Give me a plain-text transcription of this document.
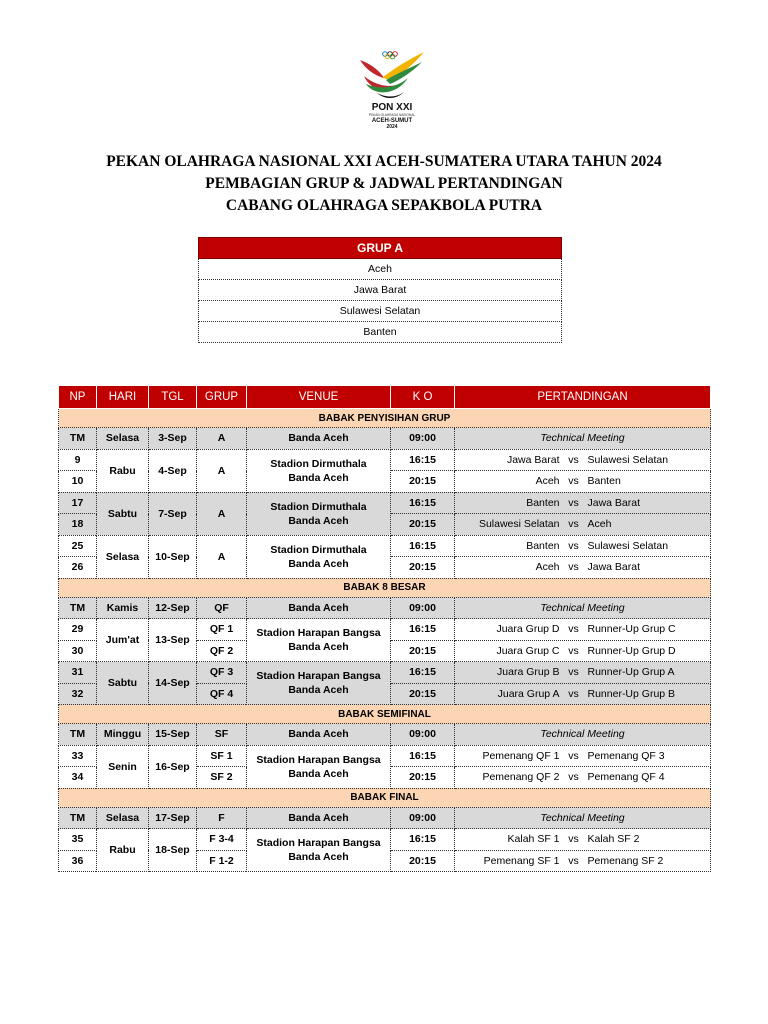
PON XXI
PEKAN OLAHRAGA NASIONAL
ACEH-SUMUT
2024
PEKAN OLAHRAGA NASIONAL XXI ACEH-SUMATERA UTARA TAHUN 2024
PEMBAGIAN GRUP & JADWAL PERTANDINGAN
CABANG OLAHRAGA SEPAKBOLA PUTRA
GRUP A
Aceh
Jawa Barat
Sulawesi Selatan
Banten
NP	HARI	TGL	GRUP	VENUE	K O	PERTANDINGAN
BABAK PENYISIHAN GRUP						
TM	Selasa	3-Sep	A	Banda Aceh	09:00	Technical Meeting
9	Rabu	4-Sep	A	Stadion Dirmuthala
Banda Aceh	16:15	Jawa Barat vs Sulawesi Selatan
10					20:15	Aceh vs Banten
17	Sabtu	7-Sep	A	Stadion Dirmuthala
Banda Aceh	16:15	Banten vs Jawa Barat
18					20:15	Sulawesi Selatan vs Aceh
25	Selasa	10-Sep	A	Stadion Dirmuthala
Banda Aceh	16:15	Banten vs Sulawesi Selatan
26					20:15	Aceh vs Jawa Barat
BABAK 8 BESAR						
TM	Kamis	12-Sep	QF	Banda Aceh	09:00	Technical Meeting
29	Jum'at	13-Sep	QF 1	Stadion Harapan Bangsa
Banda Aceh	16:15	Juara Grup D vs Runner-Up Grup C
30			QF 2		20:15	Juara Grup C vs Runner-Up Grup D
31	Sabtu	14-Sep	QF 3	Stadion Harapan Bangsa
Banda Aceh	16:15	Juara Grup B vs Runner-Up Grup A
32			QF 4		20:15	Juara Grup A vs Runner-Up Grup B
BABAK SEMIFINAL						
TM	Minggu	15-Sep	SF	Banda Aceh	09:00	Technical Meeting
33	Senin	16-Sep	SF 1	Stadion Harapan Bangsa
Banda Aceh	16:15	Pemenang QF 1 vs Pemenang QF 3
34			SF 2		20:15	Pemenang QF 2 vs Pemenang QF 4
BABAK FINAL						
TM	Selasa	17-Sep	F	Banda Aceh	09:00	Technical Meeting
35	Rabu	18-Sep	F 3-4	Stadion Harapan Bangsa
Banda Aceh	16:15	Kalah SF 1 vs Kalah SF 2
36			F 1-2		20:15	Pemenang SF 1 vs Pemenang SF 2
